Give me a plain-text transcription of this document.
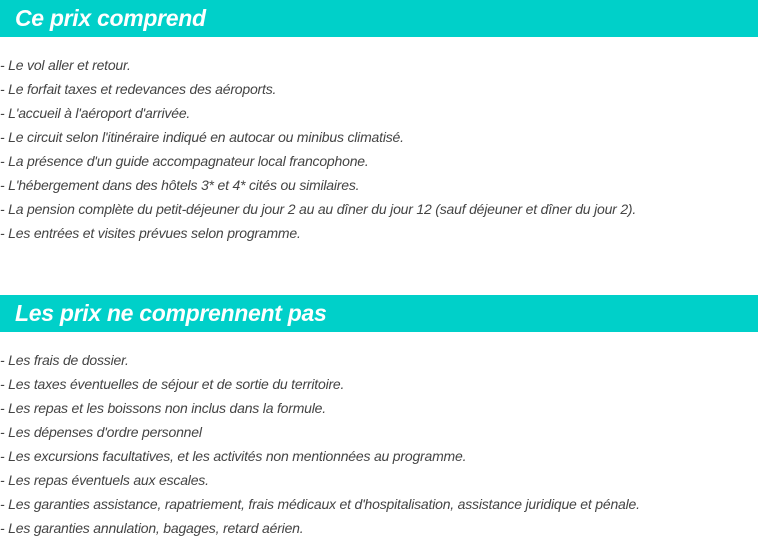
Ce prix comprend
- Le vol aller et retour.
- Le forfait taxes et redevances des aéroports.
- L'accueil à l'aéroport d'arrivée.
- Le circuit selon l'itinéraire indiqué en autocar ou minibus climatisé.
- La présence d'un guide accompagnateur local francophone.
- L'hébergement dans des hôtels 3* et 4* cités ou similaires.
- La pension complète du petit-déjeuner du jour 2 au au dîner du jour 12 (sauf déjeuner et dîner du jour 2).
- Les entrées et visites prévues selon programme.
Les prix ne comprennent pas
- Les frais de dossier.
- Les taxes éventuelles de séjour et de sortie du territoire.
- Les repas et les boissons non inclus dans la formule.
- Les dépenses d'ordre personnel
- Les excursions facultatives, et les activités non mentionnées au programme.
- Les repas éventuels aux escales.
- Les garanties assistance, rapatriement, frais médicaux et d'hospitalisation, assistance juridique et pénale.
- Les garanties annulation, bagages, retard aérien.
